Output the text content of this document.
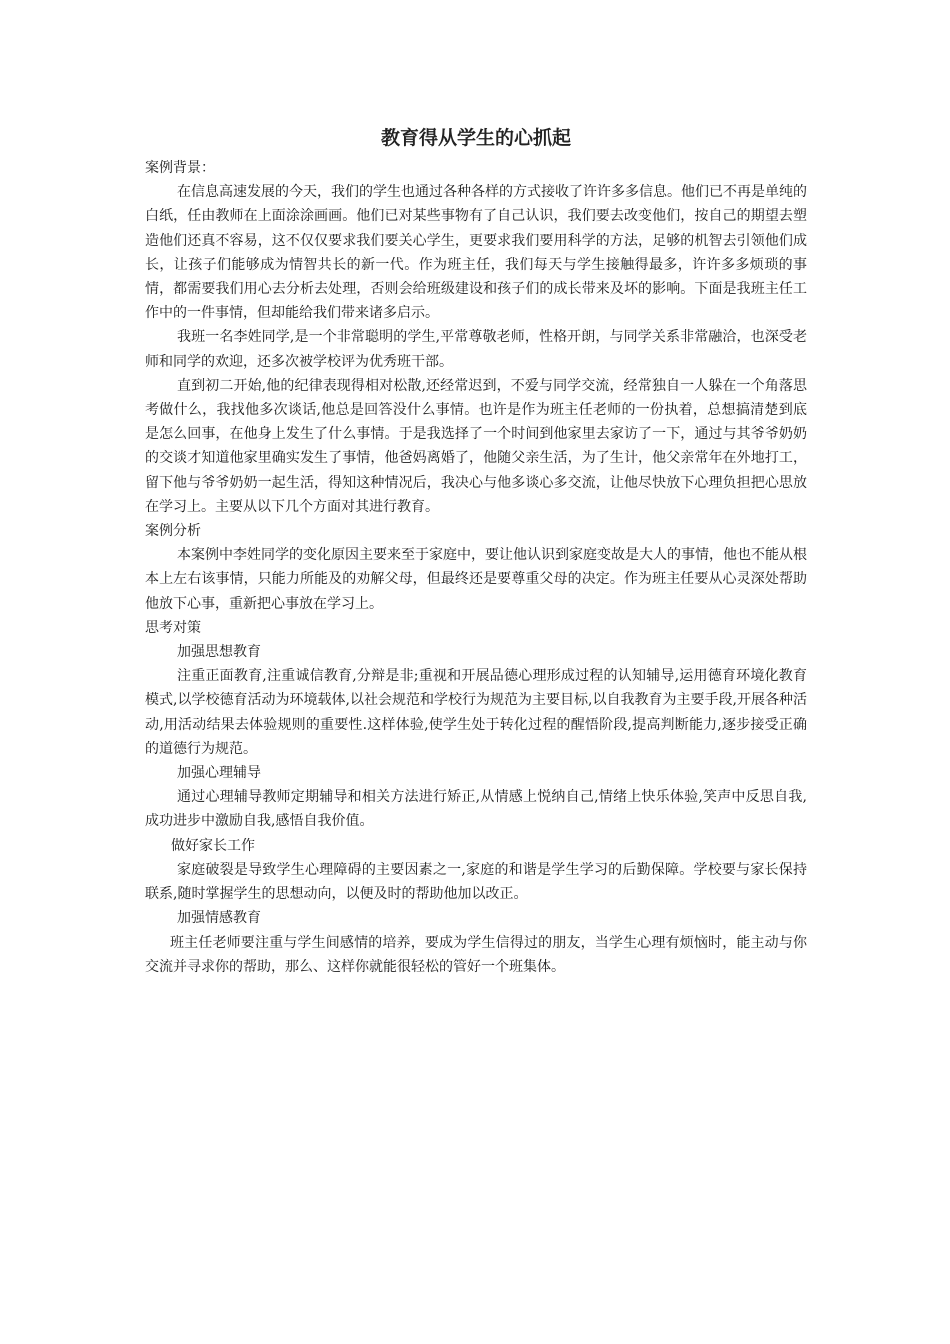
教育得从学生的心抓起

案例背景：

在信息高速发展的今天，我们的学生也通过各种各样的方式接收了许许多多信息。他们已不再是单纯的白纸，任由教师在上面涂涂画画。他们已对某些事物有了自己认识，我们要去改变他们，按自己的期望去塑造他们还真不容易，这不仅仅要求我们要关心学生，更要求我们要用科学的方法，足够的机智去引领他们成长，让孩子们能够成为情智共长的新一代。作为班主任，我们每天与学生接触得最多，许许多多烦琐的事情，都需要我们用心去分析去处理，否则会给班级建设和孩子们的成长带来及坏的影响。下面是我班主任工作中的一件事情，但却能给我们带来诸多启示。

我班一名李姓同学,是一个非常聪明的学生,平常尊敬老师，性格开朗，与同学关系非常融洽，也深受老师和同学的欢迎，还多次被学校评为优秀班干部。

直到初二开始,他的纪律表现得相对松散,还经常迟到，不爱与同学交流，经常独自一人躲在一个角落思考做什么，我找他多次谈话,他总是回答没什么事情。也许是作为班主任老师的一份执着，总想搞清楚到底是怎么回事，在他身上发生了什么事情。于是我选择了一个时间到他家里去家访了一下，通过与其爷爷奶奶的交谈才知道他家里确实发生了事情，他爸妈离婚了，他随父亲生活，为了生计，他父亲常年在外地打工，留下他与爷爷奶奶一起生活，得知这种情况后，我决心与他多谈心多交流，让他尽快放下心理负担把心思放在学习上。主要从以下几个方面对其进行教育。

案例分析

本案例中李姓同学的变化原因主要来至于家庭中，要让他认识到家庭变故是大人的事情，他也不能从根本上左右该事情，只能力所能及的劝解父母，但最终还是要尊重父母的决定。作为班主任要从心灵深处帮助他放下心事，重新把心事放在学习上。

思考对策

加强思想教育

注重正面教育,注重诚信教育,分辩是非;重视和开展品德心理形成过程的认知辅导,运用德育环境化教育模式,以学校德育活动为环境载体,以社会规范和学校行为规范为主要目标,以自我教育为主要手段,开展各种活动,用活动结果去体验规则的重要性.这样体验,使学生处于转化过程的醒悟阶段,提高判断能力,逐步接受正确的道德行为规范。

加强心理辅导

通过心理辅导教师定期辅导和相关方法进行矫正,从情感上悦纳自己,情绪上快乐体验,笑声中反思自我,成功进步中激励自我,感悟自我价值。

做好家长工作

家庭破裂是导致学生心理障碍的主要因素之一,家庭的和谐是学生学习的后勤保障。学校要与家长保持联系,随时掌握学生的思想动向，以便及时的帮助他加以改正。

加强情感教育

班主任老师要注重与学生间感情的培养，要成为学生信得过的朋友，当学生心理有烦恼时，能主动与你交流并寻求你的帮助，那么、这样你就能很轻松的管好一个班集体。
